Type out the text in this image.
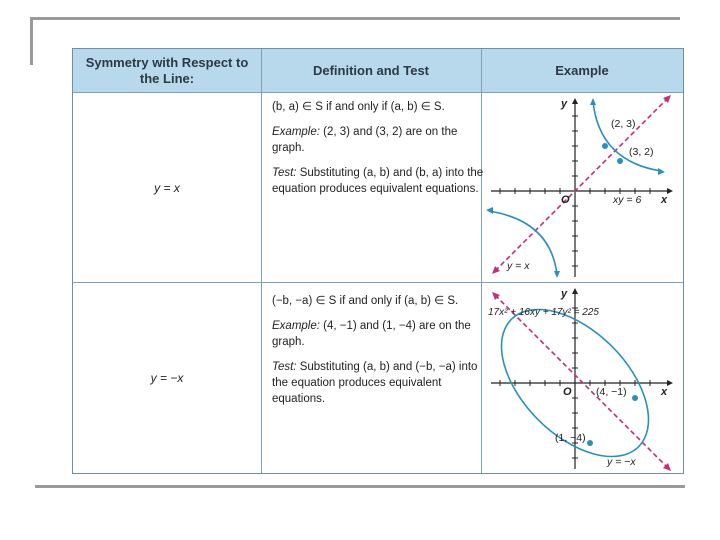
Symmetry with Respect to the Line:
Definition and Test	Example
y = x

(b, a) ∈ S if and only if (a, b) ∈ S.

Example: (2, 3) and (3, 2) are on the graph.

Test: Substituting (a, b) and (b, a) into the equation produces equivalent equations.

y
x
O
(2, 3)
(3, 2)
xy = 6
y = x
y = −x

(−b, −a) ∈ S if and only if (a, b) ∈ S.

Example: (4, −1) and (1, −4) are on the graph.

Test: Substituting (a, b) and (−b, −a) into the equation produces equivalent equations.

y
x
O (4, −1)
(1, −4)
17x² + 16xy + 17y² = 225
y = −x
